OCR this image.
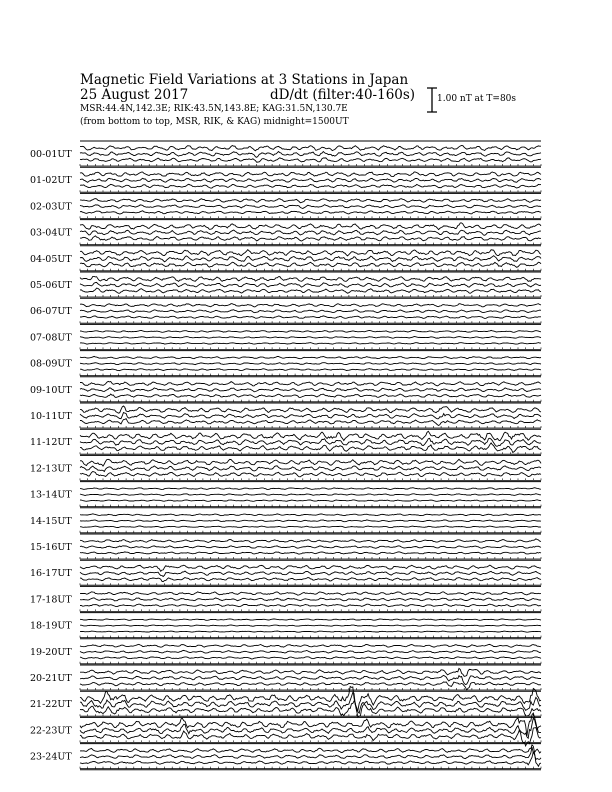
Magnetic Field Variations at 3 Stations in Japan
25 August 2017	dD/dt (filter:40-160s)
MSR:44.4N,142.3E; RIK:43.5N,143.8E; KAG:31.5N,130.7E
(from bottom to top, MSR, RIK, & KAG) midnight=1500UT
1.00 nT at T=80s
00-01UT
01-02UT
02-03UT
03-04UT
04-05UT
05-06UT
06-07UT
07-08UT
08-09UT
09-10UT
10-11UT
11-12UT
12-13UT
13-14UT
14-15UT
15-16UT
16-17UT
17-18UT
18-19UT
19-20UT
20-21UT
21-22UT
22-23UT
23-24UT
